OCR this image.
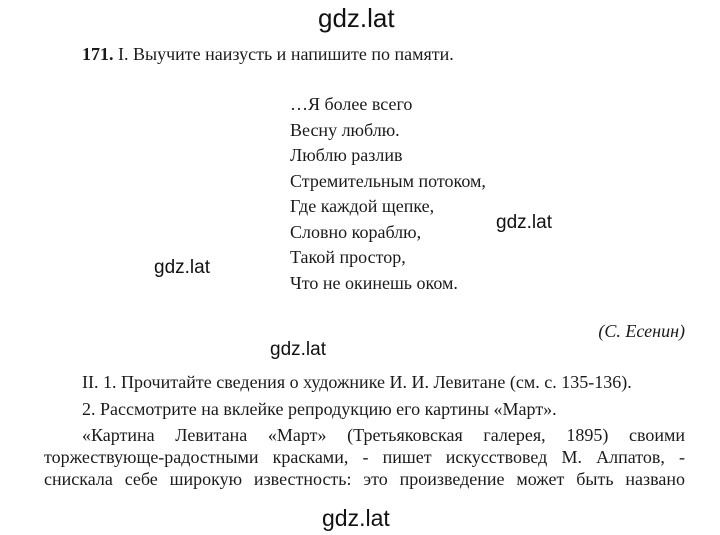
gdz.lat
171. I. Выучите наизусть и напишите по памяти.
…Я более всего
Весну люблю.
Люблю разлив
Стремительным потоком,
Где каждой щепке,
Словно кораблю,
Такой простор,
Что не окинешь оком.
gdz.lat
gdz.lat
(С. Есенин)
gdz.lat
II. 1. Прочитайте сведения о художнике И. И. Левитане (см. с. 135-136).
2. Рассмотрите на вклейке репродукцию его картины «Март».
«Картина Левитана «Март» (Третьяковская галерея, 1895) своими
торжествующе-радостными красками, - пишет искусствовед М. Алпатов, -
снискала себе широкую известность: это произведение может быть названо
gdz.lat
